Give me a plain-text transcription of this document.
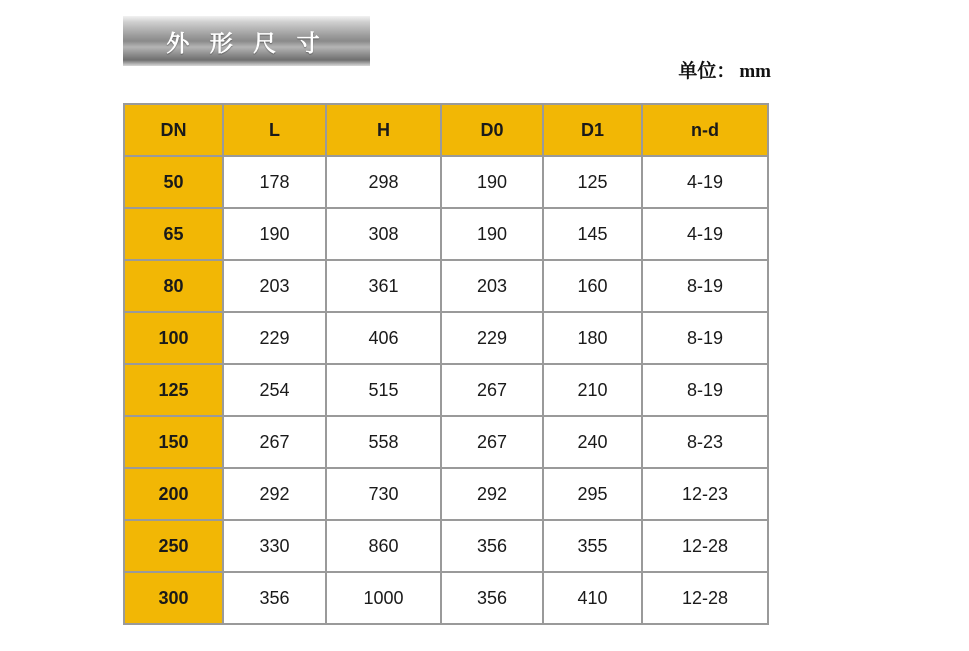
外 形 尺 寸
单位： mm
DN	L	H	D0	D1	n-d
50	178	298	190	125	4-19
65	190	308	190	145	4-19
80	203	361	203	160	8-19
100	229	406	229	180	8-19
125	254	515	267	210	8-19
150	267	558	267	240	8-23
200	292	730	292	295	12-23
250	330	860	356	355	12-28
300	356	1000	356	410	12-28
